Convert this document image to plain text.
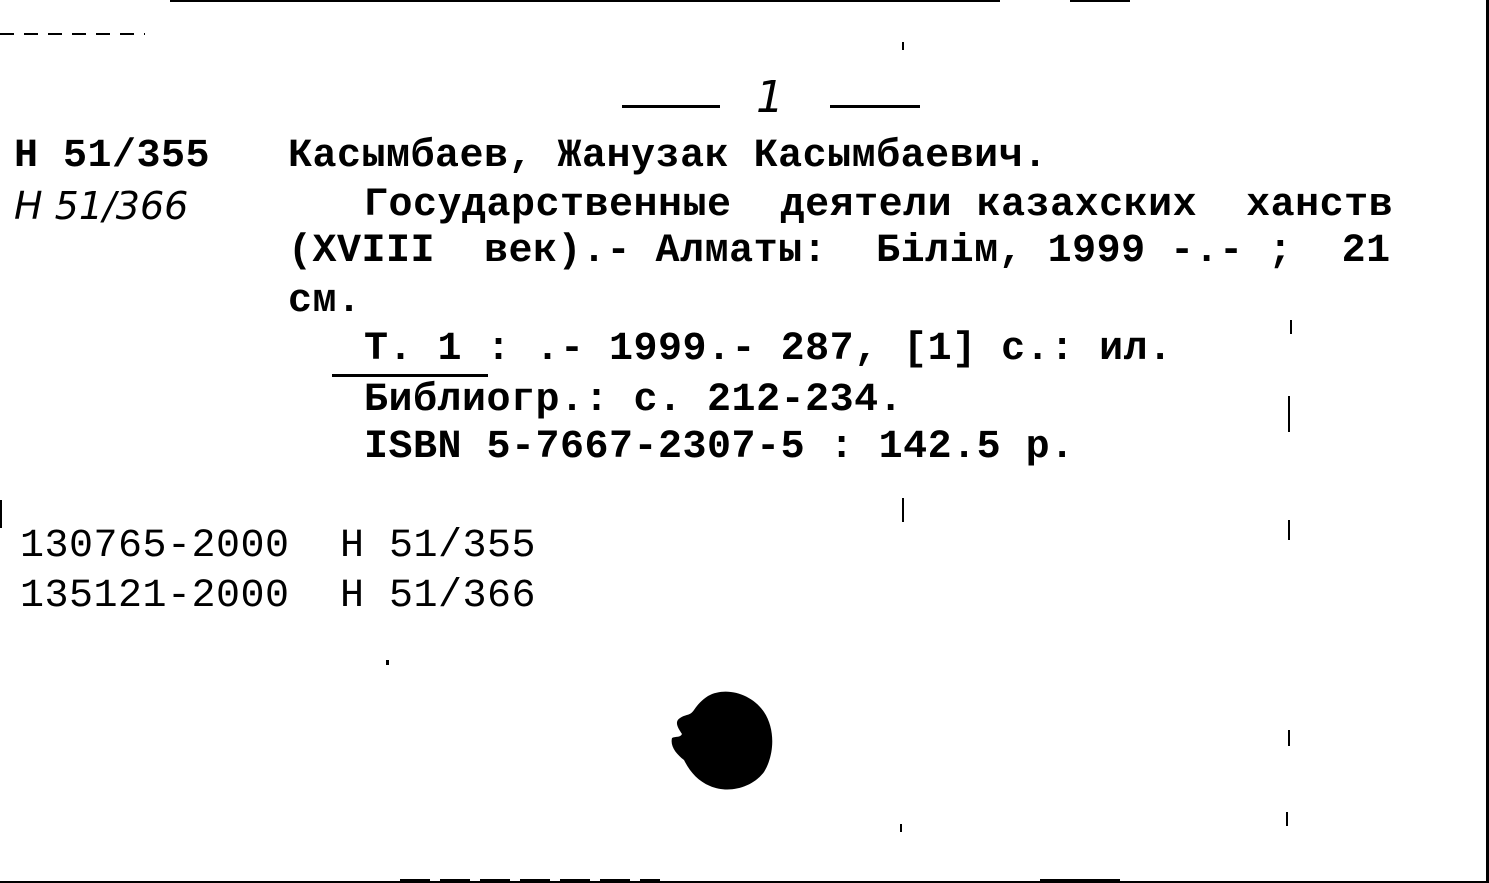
1
Н 51/355
Н 51/366
Касымбаев, Жанузак Касымбаевич.
Государственные  деятели казахских  ханств
(XVIII  век).- Алматы:  Білім, 1999 -.- ;  21
см.
Т. 1 : .- 1999.- 287, [1] с.: ил.
Библиогр.: с. 212-234.
ISBN 5-7667-2307-5 : 142.5 р.
130765-2000 Н 51/355
135121-2000 Н 51/366
